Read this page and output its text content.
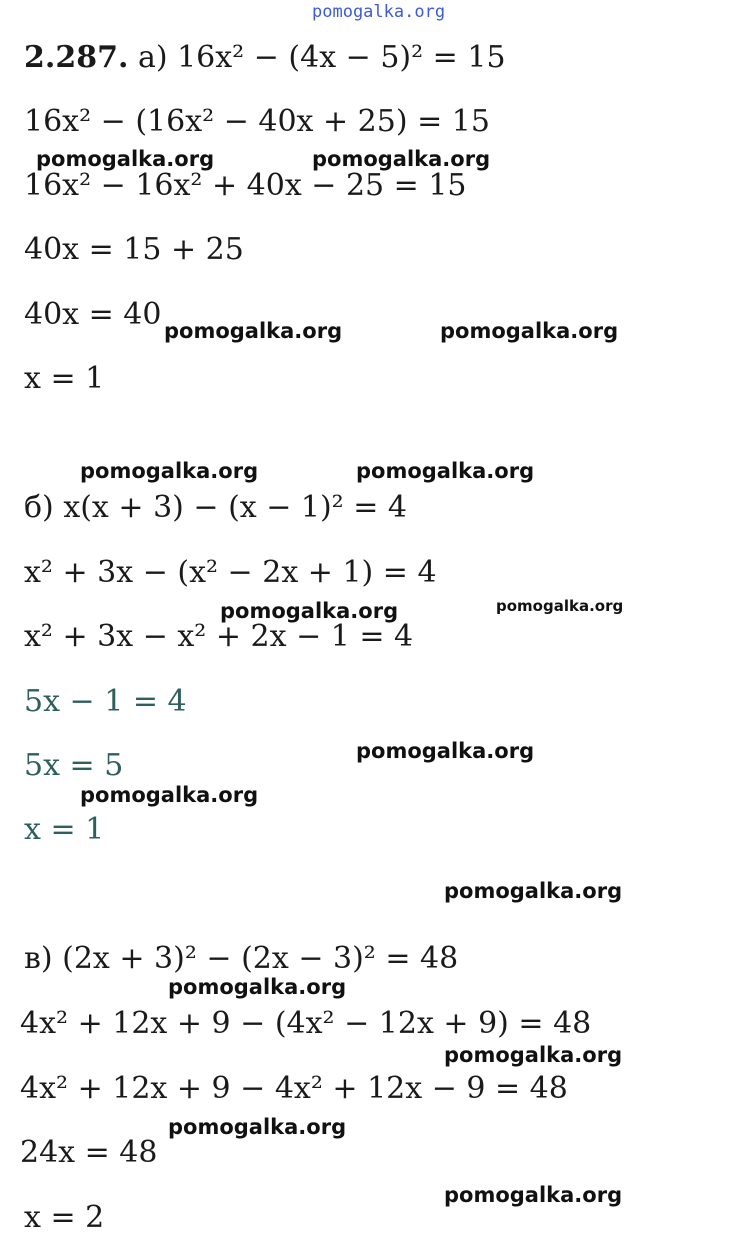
pomogalka.org
2.287. а) 16x² − (4x − 5)² = 15
16x² − (16x² − 40x + 25) = 15
16x² − 16x² + 40x − 25 = 15
40x = 15 + 25
40x = 40
x = 1
б) x(x + 3) − (x − 1)² = 4
x² + 3x − (x² − 2x + 1) = 4
x² + 3x − x² + 2x − 1 = 4
5x − 1 = 4
5x = 5
x = 1
в) (2x + 3)² − (2x − 3)² = 48
4x² + 12x + 9 − (4x² − 12x + 9) = 48
4x² + 12x + 9 − 4x² + 12x − 9 = 48
24x = 48
x = 2
pomogalka.org	pomogalka.org
pomogalka.org	pomogalka.org
pomogalka.org	pomogalka.org
pomogalka.org	pomogalka.org
pomogalka.org
pomogalka.org
pomogalka.org
pomogalka.org
pomogalka.org
pomogalka.org
pomogalka.org
